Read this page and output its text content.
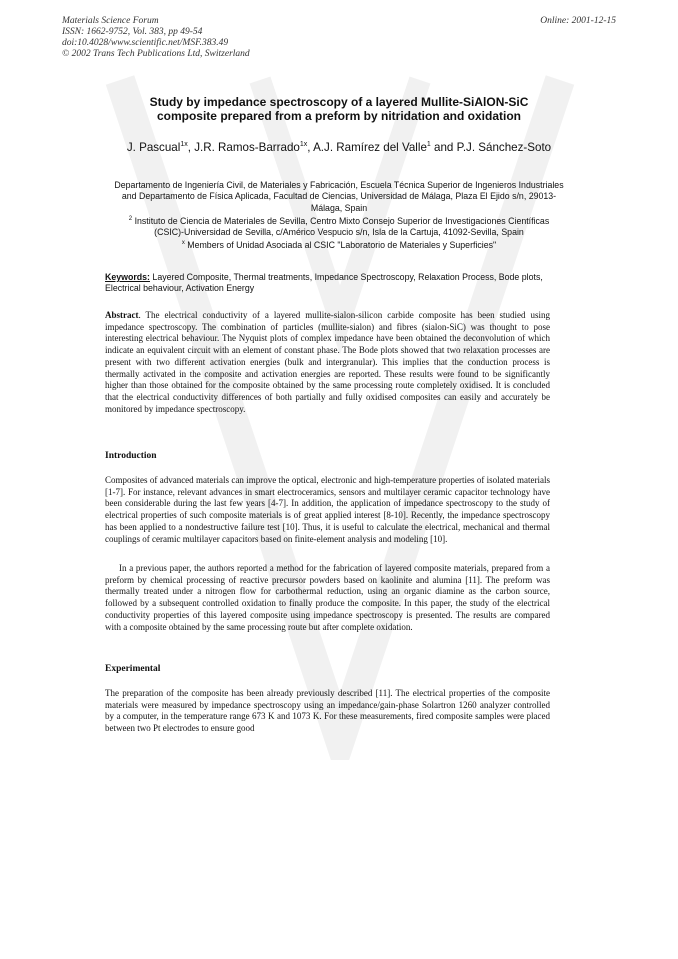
Materials Science Forum
ISSN: 1662-9752, Vol. 383, pp 49-54
doi:10.4028/www.scientific.net/MSF.383.49
© 2002 Trans Tech Publications Ltd, Switzerland
Online: 2001-12-15
Study by impedance spectroscopy of a layered Mullite-SiAlON-SiC
composite prepared from a preform by nitridation and oxidation
J. Pascual$^{1x}$, J.R. Ramos-Barrado$^{1x}$, A.J. Ramírez del Valle$^1$ and P.J. Sánchez-Soto
Departamento de Ingeniería Civil, de Materiales y Fabricación, Escuela Técnica Superior de Ingenieros Industriales and Departamento de Física Aplicada, Facultad de Ciencias, Universidad de Málaga, Plaza El Ejido s/n, 29013-Málaga, Spain
$^2$ Instituto de Ciencia de Materiales de Sevilla, Centro Mixto Consejo Superior de Investigaciones Científicas (CSIC)-Universidad de Sevilla, c/Américo Vespucio s/n, Isla de la Cartuja, 41092-Sevilla, Spain
$^x$ Members of Unidad Asociada al CSIC "Laboratorio de Materiales y Superficies"
Keywords: Layered Composite, Thermal treatments, Impedance Spectroscopy, Relaxation Process, Bode plots, Electrical behaviour, Activation Energy
Abstract. The electrical conductivity of a layered mullite-sialon-silicon carbide composite has been studied using impedance spectroscopy. The combination of particles (mullite-sialon) and fibres (sialon-SiC) was thought to pose interesting electrical behaviour. The Nyquist plots of complex impedance have been obtained the deconvolution of which indicate an equivalent circuit with an element of constant phase. The Bode plots showed that two relaxation processes are present with two different activation energies (bulk and intergranular). This implies that the conduction process is thermally activated in the composite and activation energies are reported. These results were found to be significantly higher than those obtained for the composite obtained by the same processing route completely oxidised. It is concluded that the electrical conductivity differences of both partially and fully oxidised composites can easily and accurately be monitored by impedance spectroscopy.
Introduction
Composites of advanced materials can improve the optical, electronic and high-temperature properties of isolated materials [1-7]. For instance, relevant advances in smart electroceramics, sensors and multilayer ceramic capacitor technology have been considerable during the last few years [4-7]. In addition, the application of impedance spectroscopy to the study of electrical properties of such composite materials is of great applied interest [8-10]. Recently, the impedance spectroscopy has been applied to a nondestructive failure test [10]. Thus, it is useful to calculate the electrical, mechanical and thermal couplings of ceramic multilayer capacitors based on finite-element analysis and modeling [10].
In a previous paper, the authors reported a method for the fabrication of layered composite materials, prepared from a preform by chemical processing of reactive precursor powders based on kaolinite and alumina [11]. The preform was thermally treated under a nitrogen flow for carbothermal reduction, using an organic diamine as the carbon source, followed by a subsequent controlled oxidation to finally produce the composite. In this paper, the study of the electrical conductivity properties of this layered composite using impedance spectroscopy is presented. The results are compared with a composite obtained by the same processing route but after complete oxidation.
Experimental
The preparation of the composite has been already previously described [11]. The electrical properties of the composite materials were measured by impedance spectroscopy using an impedance/gain-phase Solartron 1260 analyzer controlled by a computer, in the temperature range 673 K and 1073 K. For these measurements, fired composite samples were placed between two Pt electrodes to ensure good
